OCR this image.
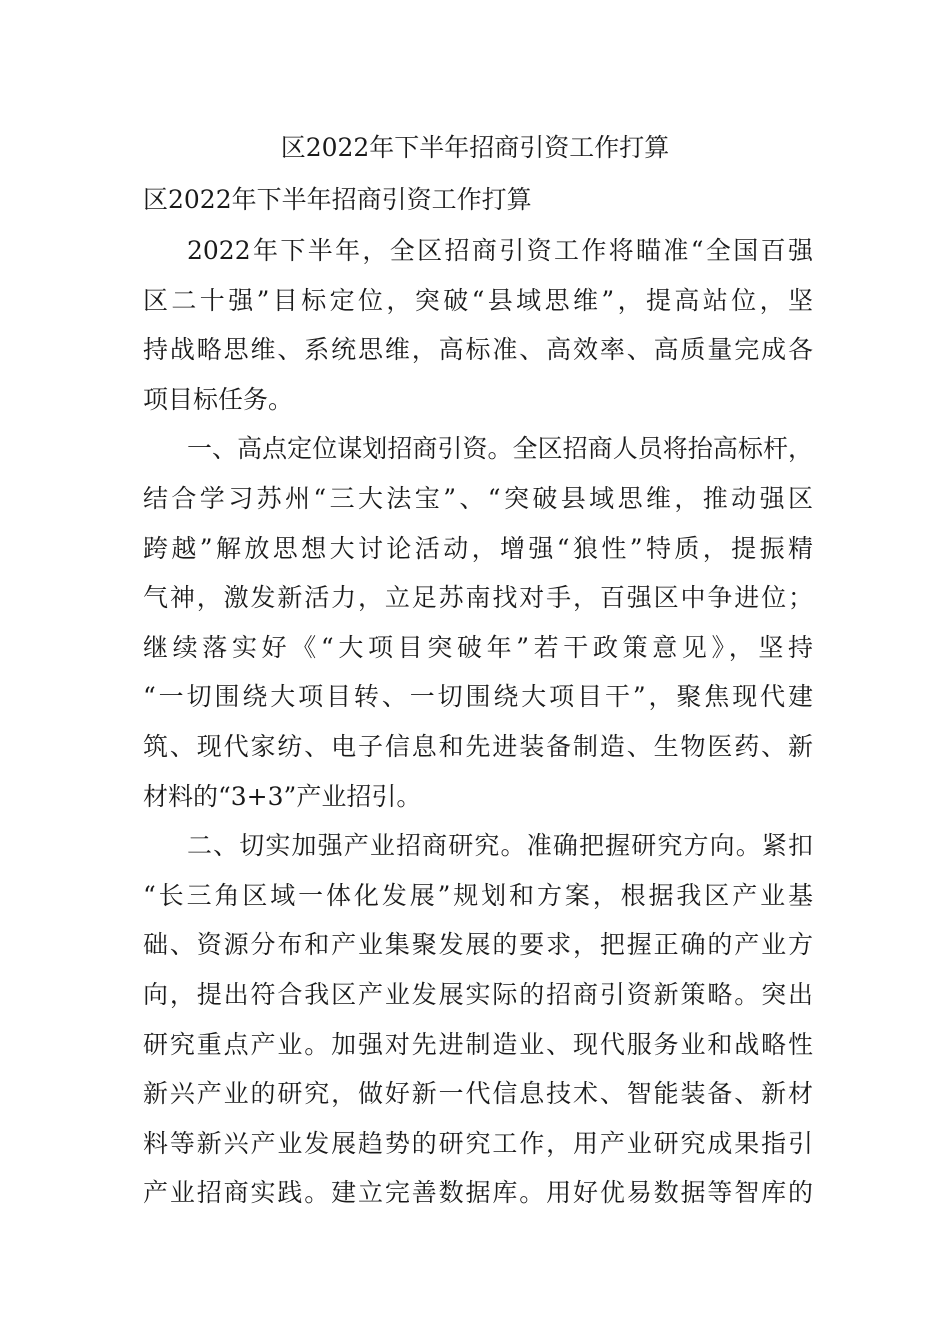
区2022年下半年招商引资工作打算
区2022年下半年招商引资工作打算
2022年下半年，全区招商引资工作将瞄准“全国百强
区二十强”目标定位，突破“县域思维”，提高站位，坚
持战略思维、系统思维，高标准、高效率、高质量完成各
项目标任务。
一、高点定位谋划招商引资。全区招商人员将抬高标杆，
结合学习苏州“三大法宝”、“突破县域思维，推动强区
跨越”解放思想大讨论活动，增强“狼性”特质，提振精
气神，激发新活力，立足苏南找对手，百强区中争进位；
继续落实好《“大项目突破年”若干政策意见》，坚持
“一切围绕大项目转、一切围绕大项目干”，聚焦现代建
筑、现代家纺、电子信息和先进装备制造、生物医药、新
材料的“3+3”产业招引。
二、切实加强产业招商研究。准确把握研究方向。紧扣
“长三角区域一体化发展”规划和方案，根据我区产业基
础、资源分布和产业集聚发展的要求，把握正确的产业方
向，提出符合我区产业发展实际的招商引资新策略。突出
研究重点产业。加强对先进制造业、现代服务业和战略性
新兴产业的研究，做好新一代信息技术、智能装备、新材
料等新兴产业发展趋势的研究工作，用产业研究成果指引
产业招商实践。建立完善数据库。用好优易数据等智库的
